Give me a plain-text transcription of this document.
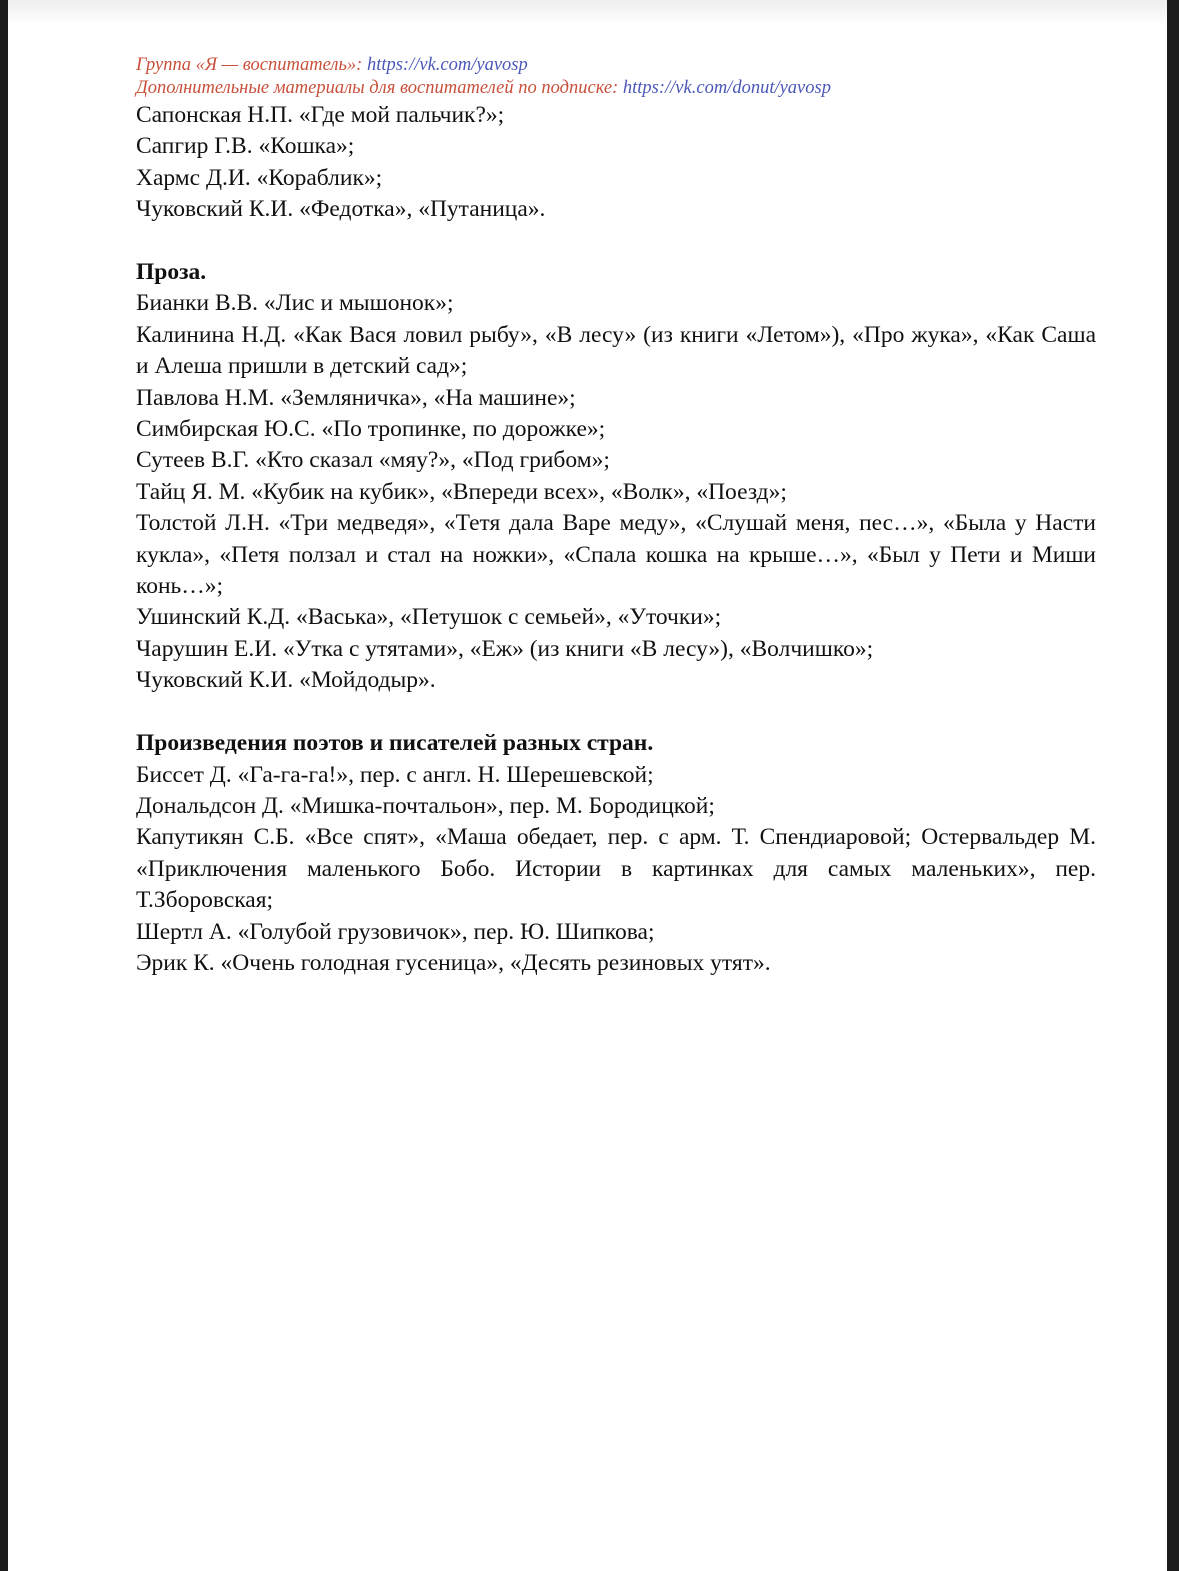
Группа «Я — воспитатель»: https://vk.com/yavosp
Дополнительные материалы для воспитателей по подписке: https://vk.com/donut/yavosp

Сапонская Н.П. «Где мой пальчик?»;

Сапгир Г.В. «Кошка»;

Хармс Д.И. «Кораблик»;

Чуковский К.И. «Федотка», «Путаница».

Проза.

Бианки В.В. «Лис и мышонок»;

Калинина Н.Д. «Как Вася ловил рыбу», «В лесу» (из книги «Летом»), «Про жука», «Как Саша и Алеша пришли в детский сад»;

Павлова Н.М. «Земляничка», «На машине»;

Симбирская Ю.С. «По тропинке, по дорожке»;

Сутеев В.Г. «Кто сказал «мяу?», «Под грибом»;

Тайц Я. М. «Кубик на кубик», «Впереди всех», «Волк», «Поезд»;

Толстой Л.Н. «Три медведя», «Тетя дала Варе меду», «Слушай меня, пес…», «Была у Насти кукла», «Петя ползал и стал на ножки», «Спала кошка на крыше…», «Был у Пети и Миши конь…»;

Ушинский К.Д. «Васька», «Петушок с семьей», «Уточки»;

Чарушин Е.И. «Утка с утятами», «Еж» (из книги «В лесу»), «Волчишко»;

Чуковский К.И. «Мойдодыр».

Произведения поэтов и писателей разных стран.

Биссет Д. «Га-га-га!», пер. с англ. Н. Шерешевской;

Дональдсон Д. «Мишка-почтальон», пер. М. Бородицкой;

Капутикян С.Б. «Все спят», «Маша обедает, пер. с арм. Т. Спендиаровой; Остервальдер М. «Приключения маленького Бобо. Истории в картинках для самых маленьких», пер. Т.Зборовская;

Шертл А. «Голубой грузовичок», пер. Ю. Шипкова;

Эрик К. «Очень голодная гусеница», «Десять резиновых утят».
